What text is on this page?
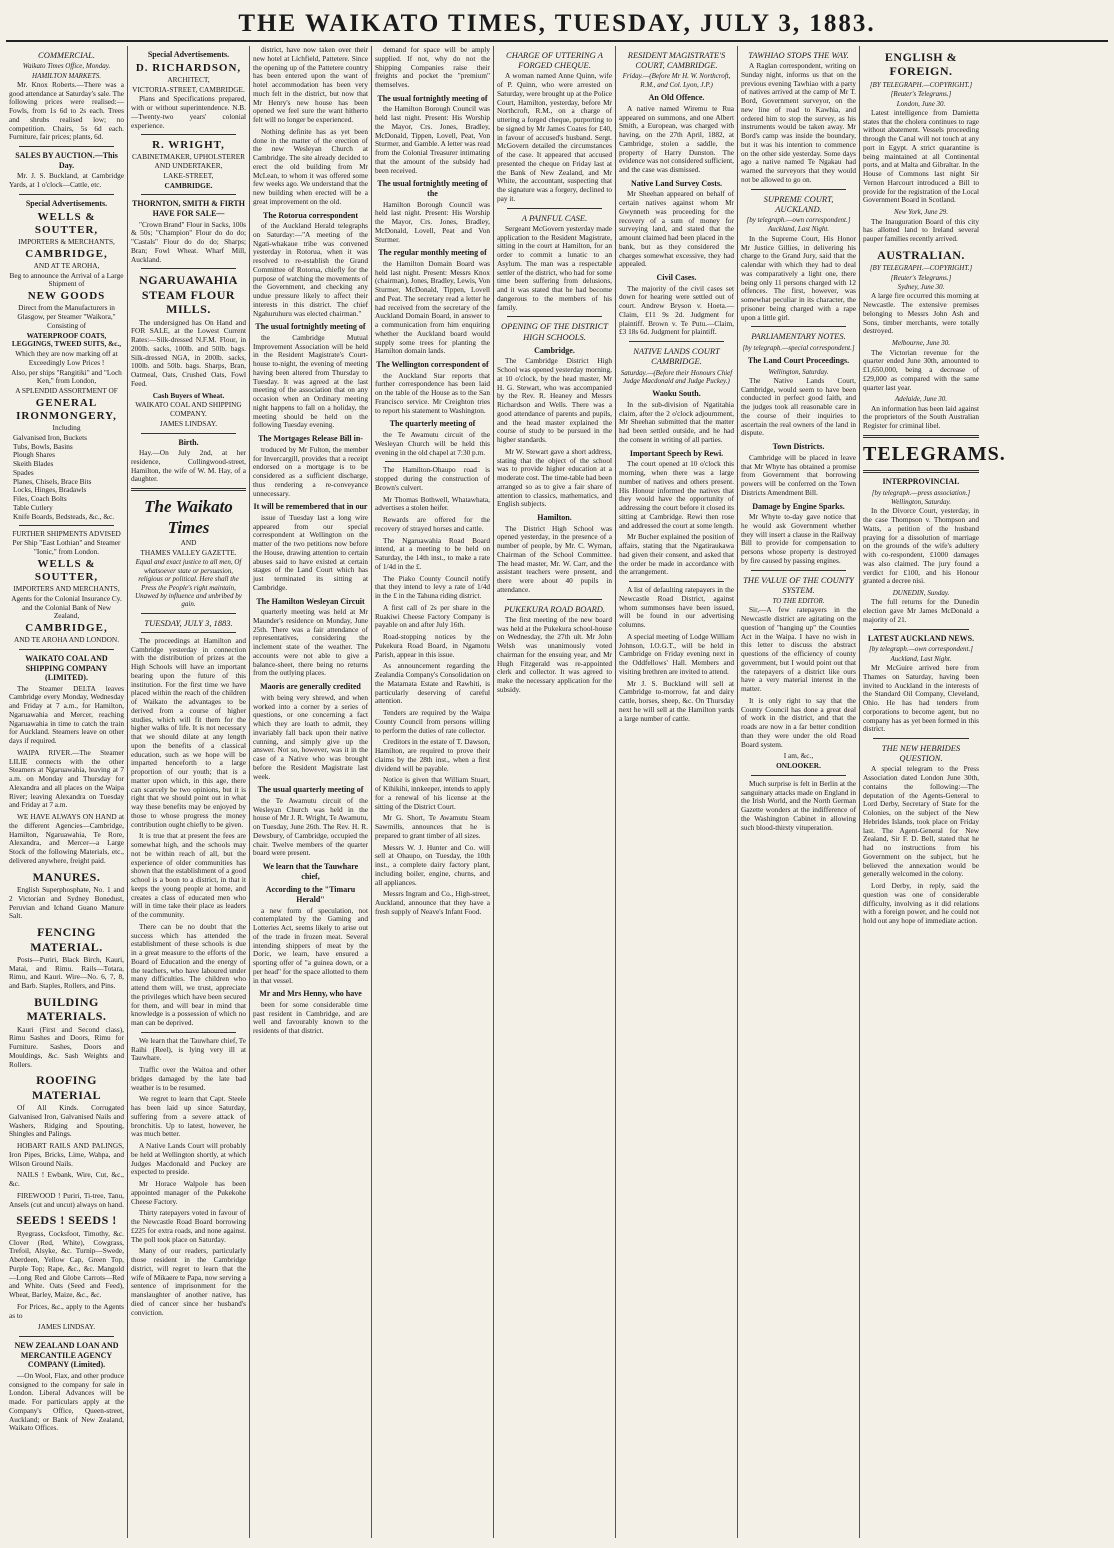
THE WAIKATO TIMES, TUESDAY, JULY 3, 1883.
COMMERCIAL.
Waikato Times Office, Monday.
HAMILTON MARKETS.
Mr. Knox Roberts.—There was a good attendance at Saturday's sale. The following prices were realised:—Fowls, from 1s 6d to 2s each. Trees and shrubs realised low; no competition. Chairs, 5s 6d each. Furniture, fair prices; plants, 6d.
SALES BY AUCTION.—This Day.
Mr. J. S. Buckland, at Cambridge Yards, at 1 o'clock—Cattle, etc.
Special Advertisements.
WELLS & SOUTTER,
IMPORTERS & MERCHANTS,
CAMBRIDGE,
AND AT TE AROHA,
Beg to announce the Arrival of a Large Shipment of
NEW GOODS
Direct from the Manufacturers in Glasgow, per Steamer "Waikora," Consisting of
WATERPROOF COATS, LEGGINGS, TWEED SUITS, &c.,
Which they are now marking off at Exceedingly Low Prices !
Also, per ships "Rangitiki" and "Loch Ken," from London,
A SPLENDID ASSORTMENT OF
GENERAL IRONMONGERY,
Including
Galvanised Iron, Buckets
Tubs, Bowls, Basins
Plough Shares
Skeith Blades
Spades
Planes, Chisels, Brace Bits
Locks, Hinges, Bradawls
Files, Coach Bolts
Table Cutlery
Knife Boards, Bedsteads, &c., &c.
FURTHER SHIPMENTS ADVISED Per Ship "East Lothian" and Steamer "Ionic," from London.
WELLS & SOUTTER,
IMPORTERS AND MERCHANTS,
Agents for the Colonial Insurance Cy. and the Colonial Bank of New Zealand,
CAMBRIDGE,
AND TE AROHA AND LONDON.
WAIKATO COAL AND SHIPPING COMPANY (LIMITED).
The Steamer DELTA leaves Cambridge every Monday, Wednesday and Friday at 7 a.m., for Hamilton, Ngaruawahia and Mercer, reaching Ngaruawahia in time to catch the train for Auckland. Steamers leave on other days if required.
WAIPA RIVER.—The Steamer LILIE connects with the other Steamers at Ngaruawahia, leaving at 7 a.m. on Monday and Thursday for Alexandra and all places on the Waipa River; leaving Alexandra on Tuesday and Friday at 7 a.m.
WE HAVE ALWAYS ON HAND at the different Agencies—Cambridge, Hamilton, Ngaruawahia, Te Rore, Alexandra, and Mercer—a Large Stock of the following Materials, etc., delivered anywhere, freight paid.
MANURES.
English Superphosphate, No. 1 and 2 Victorian and Sydney Bonedust, Peruvian and Ichand Guano Manure Salt.
FENCING MATERIAL.
Posts—Puriri, Black Birch, Kauri, Matai, and Rimu. Rails—Totara, Rimu, and Kauri. Wire—No. 6, 7, 8, and Barb. Staples, Rollers, and Pins.
BUILDING MATERIALS.
Kauri (First and Second class), Rimu Sashes and Doors, Rimu for Furniture. Sashes, Doors and Mouldings, &c. Sash Weights and Rollers.
ROOFING MATERIAL
Of All Kinds. Corrugated Galvanised Iron, Galvanised Nails and Washers, Ridging and Spouting, Shingles and Palings.
HOBART RAILS AND PALINGS, Iron Pipes, Bricks, Lime, Wahpa, and Wilson Ground Nails.
NAILS ! Ewbank, Wire, Cut, &c., &c.
FIREWOOD ! Puriri, Ti-tree, Tanu, Ansels (cut and uncut) always on hand.
SEEDS ! SEEDS !
Ryegrass, Cocksfoot, Timothy, &c. Clover (Red, White), Cowgrass, Trefoil, Alsyke, &c. Turnip—Swede, Aberdeen, Yellow Cap, Green Top, Purple Top; Rape, &c., &c. Mangold—Long Red and Globe Carrots—Red and White. Oats (Seed and Feed), Wheat, Barley, Maize, &c., &c.
For Prices, &c., apply to the Agents as to
JAMES LINDSAY.
NEW ZEALAND LOAN AND MERCANTILE AGENCY COMPANY (Limited).
—On Wool, Flax, and other produce consigned to the company for sale in London. Liberal Advances will be made. For particulars apply at the Company's Office, Queen-street, Auckland; or Bank of New Zealand, Waikato Offices.
Special Advertisements.
D. RICHARDSON,
ARCHITECT,
VICTORIA-STREET, CAMBRIDGE.
Plans and Specifications prepared, with or without superintendence. N.B.—Twenty-two years' colonial experience.
R. WRIGHT,
CABINETMAKER, UPHOLSTERER AND UNDERTAKER,
LAKE-STREET,
CAMBRIDGE.
THORNTON, SMITH & FIRTH HAVE FOR SALE—
"Crown Brand" Flour in Sacks, 100s & 50s; "Champion" Flour do do do; "Castals" Flour do do do; Sharps; Bran; Fowl Wheat. Wharf Mill, Auckland.
NGARUAWAHIA STEAM FLOUR MILLS.
The undersigned has On Hand and FOR SALE, at the Lowest Current Rates:—Silk-dressed N.F.M. Flour, in 200lb. sacks, 100lb. and 50lb. bags. Silk-dressed NGA, in 200lb. sacks, 100lb. and 50lb. bags. Sharps, Bran, Oatmeal, Oats, Crushed Oats, Fowl Feed.
Cash Buyers of Wheat.
WAIKATO COAL AND SHIPPING COMPANY.
JAMES LINDSAY.
Birth.
Hay.—On July 2nd, at her residence, Collingwood-street, Hamilton, the wife of W. M. Hay, of a daughter.
The Waikato Times
AND
THAMES VALLEY GAZETTE.
Equal and exact justice to all men, Of whatsoever state or persuasion, religious or political. Here shall the Press the People's right maintain, Unawed by influence and unbribed by gain.
TUESDAY, JULY 3, 1883.
The proceedings at Hamilton and Cambridge yesterday in connection with the distribution of prizes at the High Schools will have an important bearing upon the future of this institution. For the first time we have placed within the reach of the children of Waikato the advantages to be derived from a course of higher studies, which will fit them for the higher walks of life. It is not necessary that we should dilate at any length upon the benefits of a classical education, such as we hope will be imparted henceforth to a large proportion of our youth; that is a matter upon which, in this age, there can scarcely be two opinions, but it is right that we should point out in what way these benefits may be enjoyed by those to whose progress the money contribution ought chiefly to be given.
It is true that at present the fees are somewhat high, and the schools may not be within reach of all, but the experience of older communities has shown that the establishment of a good school is a boon to a district, in that it keeps the young people at home, and creates a class of educated men who will in time take their place as leaders of the community.
There can be no doubt that the success which has attended the establishment of these schools is due in a great measure to the efforts of the Board of Education and the energy of the teachers, who have laboured under many difficulties. The children who attend them will, we trust, appreciate the privileges which have been secured for them, and will bear in mind that knowledge is a possession of which no man can be deprived.
We learn that the Tauwhare chief, Te Raihi (Reel), is lying very ill at Tauwhare.
Traffic over the Waitoa and other bridges damaged by the late bad weather is to be resumed.
We regret to learn that Capt. Steele has been laid up since Saturday, suffering from a severe attack of bronchitis. Up to latest, however, he was much better.
A Native Lands Court will probably be held at Wellington shortly, at which Judges Macdonald and Puckey are expected to preside.
Mr Horace Walpole has been appointed manager of the Pukekohe Cheese Factory.
Thirty ratepayers voted in favour of the Newcastle Road Board borrowing £225 for extra roads, and none against. The poll took place on Saturday.
Many of our readers, particularly those resident in the Cambridge district, will regret to learn that the wife of Mikaere te Papa, now serving a sentence of imprisonment for the manslaughter of another native, has died of cancer since her husband's conviction.
district, have now taken over their new hotel at Lichfield, Pattetere. Since the opening up of the Pattetere country has been entered upon the want of hotel accommodation has been very much felt in the district, but now that Mr Henry's new house has been opened we feel sure the want hitherto felt will no longer be experienced.
Nothing definite has as yet been done in the matter of the erection of the new Wesleyan Church at Cambridge. The site already decided to erect the old building from Mr McLean, to whom it was offered some few weeks ago. We understand that the new building when erected will be a great improvement on the old.
The Rotorua correspondent
of the Auckland Herald telegraphs on Saturday:—"A meeting of the Ngati-whakaue tribe was convened yesterday in Rotorua, when it was resolved to re-establish the Grand Committee of Rotorua, chiefly for the purpose of watching the movements of the Government, and checking any undue pressure likely to affect their interests in this district. The chief Ngahuruhuru was elected chairman."
The usual fortnightly meeting of
the Cambridge Mutual Improvement Association will be held in the Resident Magistrate's Court-house to-night, the evening of meeting having been altered from Thursday to Tuesday. It was agreed at the last meeting of the association that on any occasion when an Ordinary meeting night happens to fall on a holiday, the meeting should be held on the following Tuesday evening.
The Mortgages Release Bill in-
troduced by Mr Fulton, the member for Invercargill, provides that a receipt endorsed on a mortgage is to be considered as a sufficient discharge, thus rendering a re-conveyance unnecessary.
It will be remembered that in our
issue of Tuesday last a long wire appeared from our special correspondent at Wellington on the matter of the two petitions now before the House, drawing attention to certain abuses said to have existed at certain stages of the Land Court which has just terminated its sitting at Cambridge.
The Hamilton Wesleyan Circuit
quarterly meeting was held at Mr Maunder's residence on Monday, June 25th. There was a fair attendance of representatives, considering the inclement state of the weather. The accounts were not able to give a balance-sheet, there being no returns from the outlying places.
Maoris are generally credited
with being very shrewd, and when worked into a corner by a series of questions, or one concerning a fact which they are loath to admit, they invariably fall back upon their native cunning, and simply give up the answer. Not so, however, was it in the case of a Native who was brought before the Resident Magistrate last week.
The usual quarterly meeting of
the Te Awamutu circuit of the Wesleyan Church was held in the house of Mr J. R. Wright, Te Awamutu, on Tuesday, June 26th. The Rev. H. R. Dewsbury, of Cambridge, occupied the chair. Twelve members of the quarter board were present.
We learn that the Tauwhare chief,
According to the "Timaru Herald"
a new form of speculation, not contemplated by the Gaming and Lotteries Act, seems likely to arise out of the trade in frozen meat. Several intending shippers of meat by the Doric, we learn, have ensured a sporting offer of "a guinea down, or a per head" for the space allotted to them in that vessel.
Mr and Mrs Henny, who have
been for some considerable time past resident in Cambridge, and are well and favourably known to the residents of that district.
demand for space will be amply supplied. If not, why do not the Shipping Companies raise their freights and pocket the "premium" themselves.
The usual fortnightly meeting of
the Hamilton Borough Council was held last night. Present: His Worship the Mayor, Crs. Jones, Bradley, McDonald, Tippen, Lovell, Peat, Von Sturmer, and Gamble. A letter was read from the Colonial Treasurer intimating that the amount of the subsidy had been received.
The usual fortnightly meeting of the
Hamilton Borough Council was held last night. Present: His Worship the Mayor, Crs. Jones, Bradley, McDonald, Lovell, Peat and Von Sturmer.
The regular monthly meeting of
the Hamilton Domain Board was held last night. Present: Messrs Knox (chairman), Jones, Bradley, Lewis, Von Sturmer, McDonald, Tippen, Lovell and Peat. The secretary read a letter he had received from the secretary of the Auckland Domain Board, in answer to a communication from him enquiring whether the Auckland board would supply some trees for planting the Hamilton domain lands.
The Wellington correspondent of
the Auckland Star reports that further correspondence has been laid on the table of the House as to the San Francisco service. Mr Creighton tries to report his statement to Washington.
The quarterly meeting of
the Te Awamutu circuit of the Wesleyan Church will be held this evening in the old chapel at 7:30 p.m.
The Hamilton-Ohaupo road is stopped during the construction of Brown's culvert.
Mr Thomas Bothwell, Whatawhata, advertises a stolen heifer.
Rewards are offered for the recovery of strayed horses and cattle.
The Ngaruawahia Road Board intend, at a meeting to be held on Saturday, the 14th inst., to make a rate of 1/4d in the £.
The Piako County Council notify that they intend to levy a rate of 1/4d in the £ in the Tahuna riding district.
A first call of 2s per share in the Ruakiwi Cheese Factory Company is payable on and after July 16th.
Road-stopping notices by the Pukekura Road Board, in Ngamotu Parish, appear in this issue.
As announcement regarding the Zealandia Company's Consolidation on the Matamata Estate and Rawhiti, is particularly deserving of careful attention.
Tenders are required by the Waipa County Council from persons willing to perform the duties of rate collector.
Creditors in the estate of T. Dawson, Hamilton, are required to prove their claims by the 28th inst., when a first dividend will be payable.
Notice is given that William Stuart, of Kihikihi, innkeeper, intends to apply for a renewal of his license at the sitting of the District Court.
Mr G. Short, Te Awamutu Steam Sawmills, announces that he is prepared to grant timber of all sizes.
Messrs W. J. Hunter and Co. will sell at Ohaupo, on Tuesday, the 10th inst., a complete dairy factory plant, including boiler, engine, churns, and all appliances.
Messrs Ingram and Co., High-street, Auckland, announce that they have a fresh supply of Neave's Infant Food.
CHARGE OF UTTERING A FORGED CHEQUE.
A woman named Anne Quinn, wife of P. Quinn, who were arrested on Saturday, were brought up at the Police Court, Hamilton, yesterday, before Mr Northcroft, R.M., on a charge of uttering a forged cheque, purporting to be signed by Mr James Coates for £40, in favour of accused's husband. Sergt. McGovern detailed the circumstances of the case. It appeared that accused presented the cheque on Friday last at the Bank of New Zealand, and Mr White, the accountant, suspecting that the signature was a forgery, declined to pay it.
A PAINFUL CASE.
Sergeant McGovern yesterday made application to the Resident Magistrate, sitting in the court at Hamilton, for an order to commit a lunatic to an Asylum. The man was a respectable settler of the district, who had for some time been suffering from delusions, and it was stated that he had become dangerous to the members of his family.
OPENING OF THE DISTRICT HIGH SCHOOLS.
Cambridge.
The Cambridge District High School was opened yesterday morning, at 10 o'clock, by the head master, Mr H. G. Stewart, who was accompanied by the Rev. R. Heaney and Messrs Richardson and Wells. There was a good attendance of parents and pupils, and the head master explained the course of study to be pursued in the higher standards.
Mr W. Stewart gave a short address, stating that the object of the school was to provide higher education at a moderate cost. The time-table had been arranged so as to give a fair share of attention to classics, mathematics, and English subjects.
Hamilton.
The District High School was opened yesterday, in the presence of a number of people, by Mr. C. Wyman, Chairman of the School Committee. The head master, Mr. W. Carr, and the assistant teachers were present, and there were about 40 pupils in attendance.
PUKEKURA ROAD BOARD.
The first meeting of the new board was held at the Pukekura school-house on Wednesday, the 27th ult. Mr John Welsh was unanimously voted chairman for the ensuing year, and Mr Hugh Fitzgerald was re-appointed clerk and collector. It was agreed to make the necessary application for the subsidy.
RESIDENT MAGISTRATE'S COURT, CAMBRIDGE.
Friday.—(Before Mr H. W. Northcroft, R.M., and Col. Lyon, J.P.)
An Old Offence.
A native named Wiremu te Rua appeared on summons, and one Albert Smith, a European, was charged with having, on the 27th April, 1882, at Cambridge, stolen a saddle, the property of Harry Dunston. The evidence was not considered sufficient, and the case was dismissed.
Native Land Survey Costs.
Mr Sheehan appeared on behalf of certain natives against whom Mr Gwynneth was proceeding for the recovery of a sum of money for surveying land, and stated that the amount claimed had been placed in the bank, but as they considered the charges somewhat excessive, they had appealed.
Civil Cases.
The majority of the civil cases set down for hearing were settled out of court. Andrew Bryson v. Hoeta.—Claim, £11 9s 2d. Judgment for plaintiff. Brown v. Te Putu.—Claim, £3 18s 6d. Judgment for plaintiff.
NATIVE LANDS COURT CAMBRIDGE.
Saturday.—(Before their Honours Chief Judge Macdonald and Judge Puckey.)
Waoku South.
In the sub-division of Ngatitahia claim, after the 2 o'clock adjournment, Mr Sheehan submitted that the matter had been settled outside, and he had the consent in writing of all parties.
Important Speech by Rewi.
The court opened at 10 o'clock this morning, when there was a large number of natives and others present. His Honour informed the natives that they would have the opportunity of addressing the court before it closed its sitting at Cambridge. Rewi then rose and addressed the court at some length.
Mr Bucher explained the position of affairs, stating that the Ngatiraukawa had given their consent, and asked that the order be made in accordance with the arrangement.
A list of defaulting ratepayers in the Newcastle Road District, against whom summonses have been issued, will be found in our advertising columns.
A special meeting of Lodge William Johnson, I.O.G.T., will be held in Cambridge on Friday evening next in the Oddfellows' Hall. Members and visiting brethren are invited to attend.
Mr J. S. Buckland will sell at Cambridge to-morrow, fat and dairy cattle, horses, sheep, &c. On Thursday next he will sell at the Hamilton yards a large number of cattle.
TAWHIAO STOPS THE WAY.
A Raglan correspondent, writing on Sunday night, informs us that on the previous evening Tawhiao with a party of natives arrived at the camp of Mr T. Bord, Government surveyor, on the new line of road to Kawhia, and ordered him to stop the survey, as his instruments would be taken away. Mr Bord's camp was inside the boundary, but it was his intention to commence on the other side yesterday. Some days ago a native named Te Ngakau had warned the surveyors that they would not be allowed to go on.
SUPREME COURT, AUCKLAND.
[by telegraph.—own correspondent.]
Auckland, Last Night.
In the Supreme Court, His Honor Mr Justice Gillies, in delivering his charge to the Grand Jury, said that the calendar with which they had to deal was comparatively a light one, there being only 11 persons charged with 12 offences. The first, however, was somewhat peculiar in its character, the prisoner being charged with a rape upon a little girl.
PARLIAMENTARY NOTES.
[by telegraph.—special correspondent.]
The Land Court Proceedings.
Wellington, Saturday.
The Native Lands Court, Cambridge, would seem to have been conducted in perfect good faith, and the judges took all reasonable care in the course of their inquiries to ascertain the real owners of the land in dispute.
Town Districts.
Cambridge will be placed in leave that Mr Whyte has obtained a promise from Government that borrowing powers will be conferred on the Town Districts Amendment Bill.
Damage by Engine Sparks.
Mr Whyte to-day gave notice that he would ask Government whether they will insert a clause in the Railway Bill to provide for compensation to persons whose property is destroyed by fire caused by passing engines.
THE VALUE OF THE COUNTY SYSTEM.
TO THE EDITOR.
Sir,—A few ratepayers in the Newcastle district are agitating on the question of "hanging up" the Counties Act in the Waipa. I have no wish in this letter to discuss the abstract questions of the efficiency of county government, but I would point out that the ratepayers of a district like ours have a very material interest in the matter.
It is only right to say that the County Council has done a great deal of work in the district, and that the roads are now in a far better condition than they were under the old Road Board system.
I am, &c.,
ONLOOKER.
Much surprise is felt in Berlin at the sanguinary attacks made on England in the Irish World, and the North German Gazette wonders at the indifference of the Washington Cabinet in allowing such blood-thirsty vituperation.
ENGLISH & FOREIGN.
[BY TELEGRAPH.—COPYRIGHT.]
[Reuter's Telegrams.]
London, June 30.
Latest intelligence from Damietta states that the cholera continues to rage without abatement. Vessels proceeding through the Canal will not touch at any port in Egypt. A strict quarantine is being maintained at all Continental ports, and at Malta and Gibraltar. In the House of Commons last night Sir Vernon Harcourt introduced a Bill to provide for the registration of the Local Government Board in Scotland.
New York, June 29.
The Inauguration Board of this city has allotted land to Ireland several pauper families recently arrived.
AUSTRALIAN.
[BY TELEGRAPH.—COPYRIGHT.]
[Reuter's Telegrams.]
Sydney, June 30.
A large fire occurred this morning at Newcastle. The extensive premises belonging to Messrs John Ash and Sons, timber merchants, were totally destroyed.
Melbourne, June 30.
The Victorian revenue for the quarter ended June 30th, amounted to £1,650,000, being a decrease of £29,000 as compared with the same quarter last year.
Adelaide, June 30.
An information has been laid against the proprietors of the South Australian Register for criminal libel.
TELEGRAMS.
INTERPROVINCIAL
[by telegraph.—press association.]
Wellington, Saturday.
In the Divorce Court, yesterday, in the case Thompson v. Thompson and Watts, a petition of the husband praying for a dissolution of marriage on the grounds of the wife's adultery with co-respondent, £1000 damages was also claimed. The jury found a verdict for £100, and his Honour granted a decree nisi.
DUNEDIN, Sunday.
The full returns for the Dunedin election gave Mr James McDonald a majority of 21.
LATEST AUCKLAND NEWS.
[by telegraph.—own correspondent.]
Auckland, Last Night.
Mr McGuire arrived here from Thames on Saturday, having been invited to Auckland in the interests of the Standard Oil Company, Cleveland, Ohio. He has had tenders from corporations to become agent, but no company has as yet been formed in this district.
THE NEW HEBRIDES QUESTION.
A special telegram to the Press Association dated London June 30th, contains the following:—The deputation of the Agents-General to Lord Derby, Secretary of State for the Colonies, on the subject of the New Hebrides Islands, took place on Friday last. The Agent-General for New Zealand, Sir F. D. Bell, stated that he had no instructions from his Government on the subject, but he believed the annexation would be generally welcomed in the colony.
Lord Derby, in reply, said the question was one of considerable difficulty, involving as it did relations with a foreign power, and he could not hold out any hope of immediate action.
